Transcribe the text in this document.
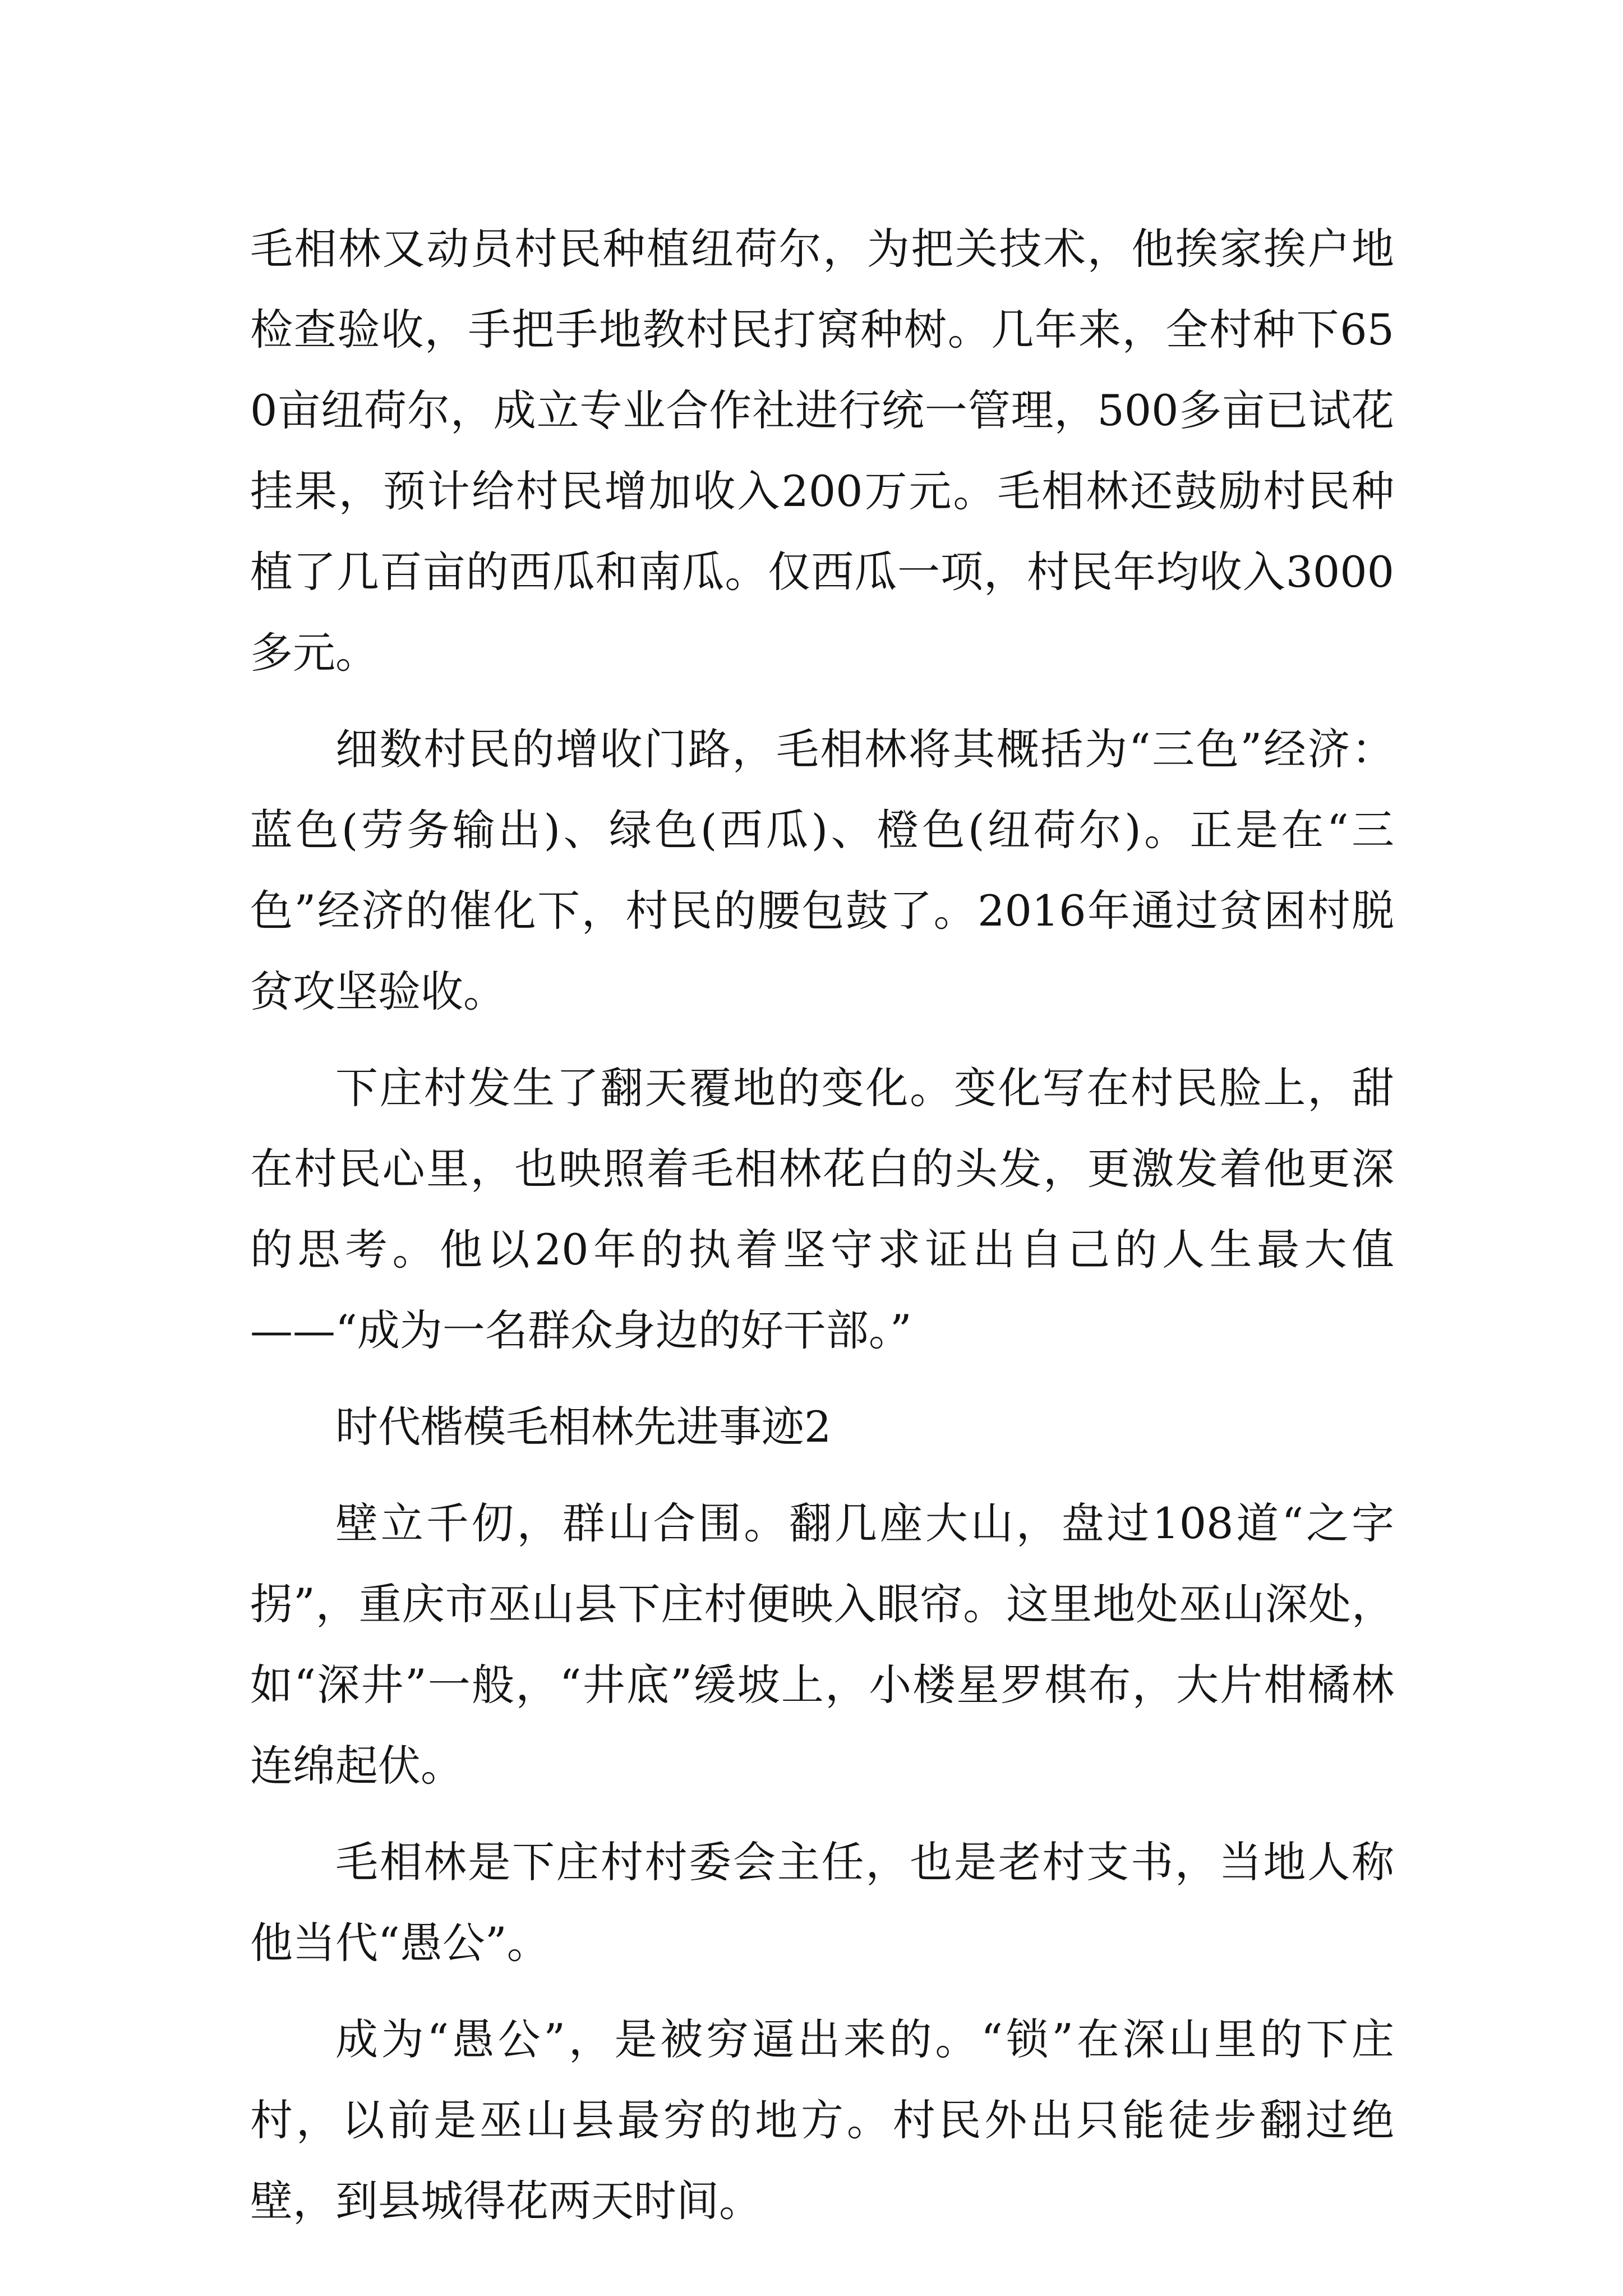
毛相林又动员村民种植纽荷尔，为把关技术，他挨家挨户地检查验收，手把手地教村民打窝种树。几年来，全村种下650亩纽荷尔，成立专业合作社进行统一管理，500多亩已试花挂果，预计给村民增加收入200万元。毛相林还鼓励村民种植了几百亩的西瓜和南瓜。仅西瓜一项，村民年均收入3000多元。

细数村民的增收门路，毛相林将其概括为“三色”经济：蓝色(劳务输出)、绿色(西瓜)、橙色(纽荷尔)。正是在“三色”经济的催化下，村民的腰包鼓了。2016年通过贫困村脱贫攻坚验收。

下庄村发生了翻天覆地的变化。变化写在村民脸上，甜在村民心里，也映照着毛相林花白的头发，更激发着他更深的思考。他以20年的执着坚守求证出自己的人生最大值——“成为一名群众身边的好干部。”

时代楷模毛相林先进事迹2

壁立千仞，群山合围。翻几座大山，盘过108道“之字拐”，重庆市巫山县下庄村便映入眼帘。这里地处巫山深处，如“深井”一般，“井底”缓坡上，小楼星罗棋布，大片柑橘林连绵起伏。

毛相林是下庄村村委会主任，也是老村支书，当地人称他当代“愚公”。

成为“愚公”，是被穷逼出来的。“锁”在深山里的下庄村，以前是巫山县最穷的地方。村民外出只能徒步翻过绝壁，到县城得花两天时间。
